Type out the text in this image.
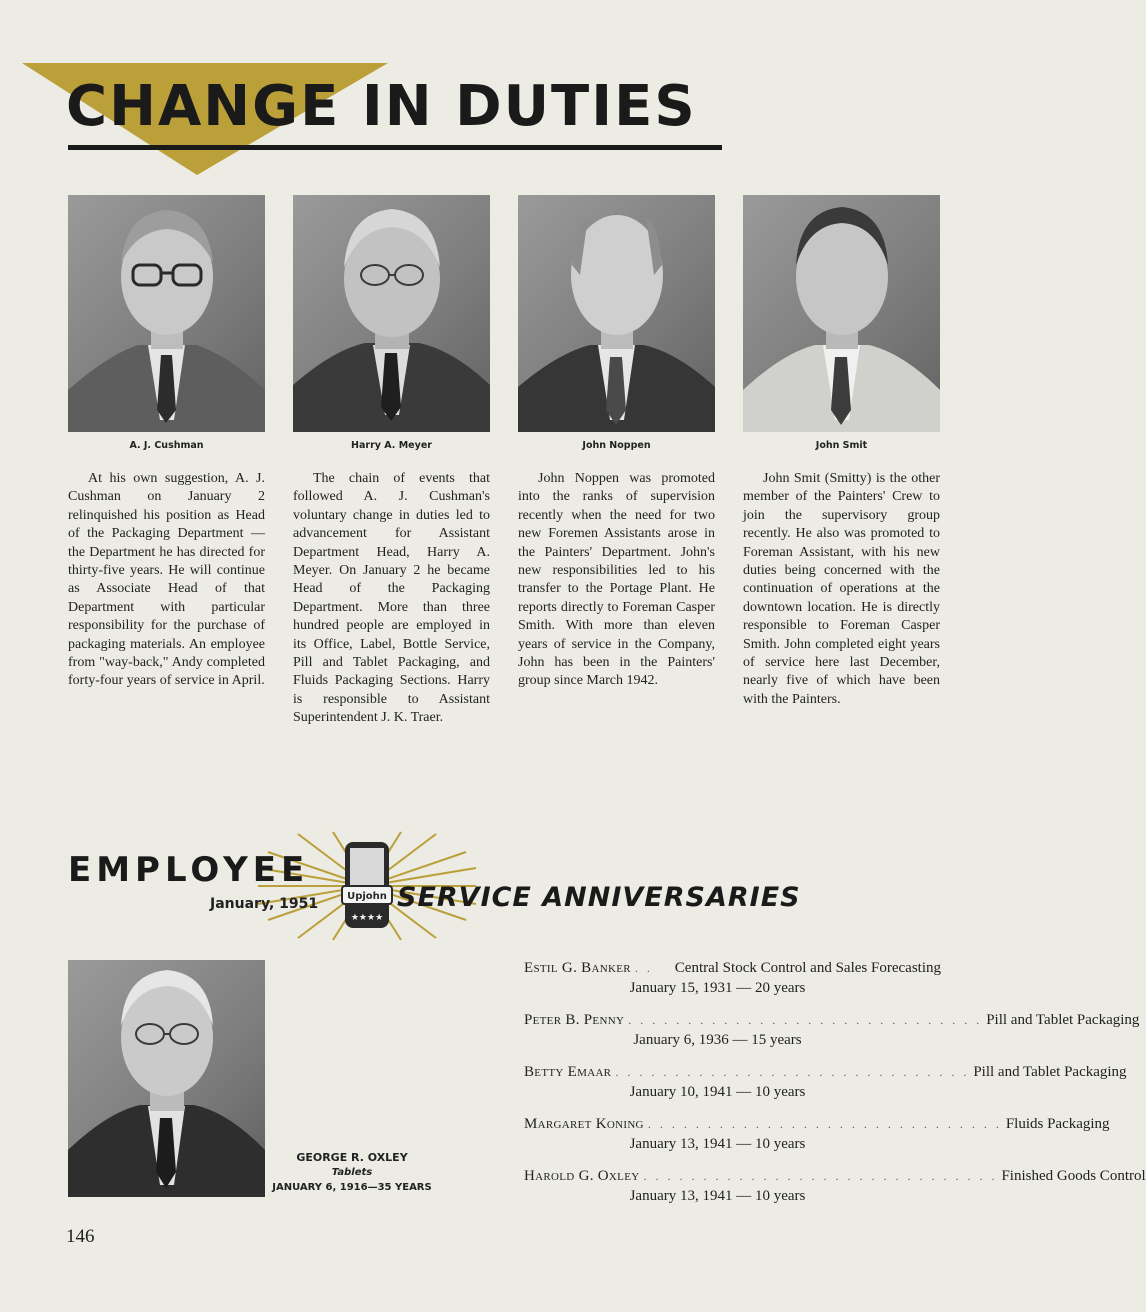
CHANGE IN DUTIES
A. J. Cushman	Harry A. Meyer	John Noppen	John Smit

At his own suggestion, A. J. Cushman on January 2 relinquished his position as Head of the Packaging Department — the Department he has directed for thirty-five years. He will continue as Associate Head of that Department with particular responsibility for the purchase of packaging materials. An employee from "way-back," Andy completed forty-four years of service in April.

The chain of events that followed A. J. Cushman's voluntary change in duties led to advancement for Assistant Department Head, Harry A. Meyer. On January 2 he became Head of the Packaging Department. More than three hundred people are employed in its Office, Label, Bottle Service, Pill and Tablet Packaging, and Fluids Packaging Sections. Harry is responsible to Assistant Superintendent J. K. Traer.

John Noppen was promoted into the ranks of supervision recently when the need for two new Foremen Assistants arose in the Painters' Department. John's new responsibilities led to his transfer to the Portage Plant. He reports directly to Foreman Casper Smith. With more than eleven years of service in the Company, John has been in the Painters' group since March 1942.

John Smit (Smitty) is the other member of the Painters' Crew to join the supervisory group recently. He also was promoted to Foreman Assistant, with his new duties being concerned with the continuation of operations at the downtown location. He is directly responsible to Foreman Casper Smith. John completed eight years of service here last December, nearly five of which have been with the Painters.

Upjohn
★★★★
EMPLOYEE
January, 1951	SERVICE ANNIVERSARIES
GEORGE R. OXLEY
Tablets
JANUARY 6, 1916—35 YEARS
Estil G. Banker . .	Central Stock Control and Sales Forecasting
January 15, 1931 — 20 years
Peter B. Penny . . . . . . . . . . . . . . . . . . . . . . . . . . . . . . Pill and Tablet Packaging
January 6, 1936 — 15 years
Betty Emaar . . . . . . . . . . . . . . . . . . . . . . . . . . . . . . Pill and Tablet Packaging
January 10, 1941 — 10 years
Margaret Koning . . . . . . . . . . . . . . . . . . . . . . . . . . . . . . Fluids Packaging
January 13, 1941 — 10 years
Harold G. Oxley . . . . . . . . . . . . . . . . . . . . . . . . . . . . . . Finished Goods Control
January 13, 1941 — 10 years
146
